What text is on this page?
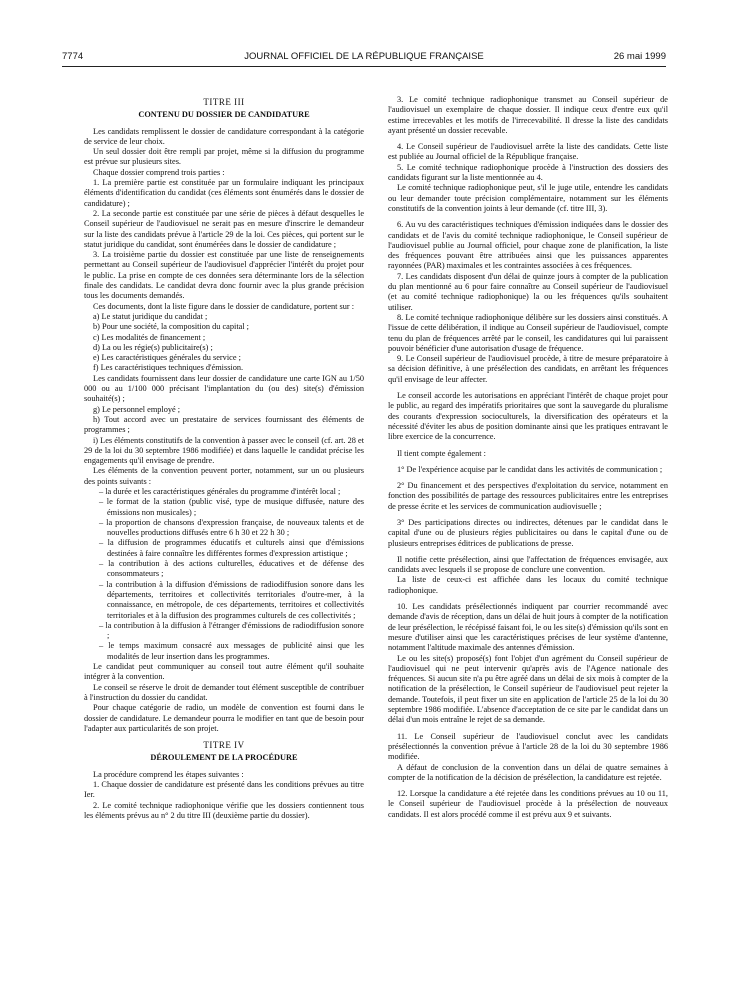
7774	JOURNAL OFFICIEL DE LA RÉPUBLIQUE FRANÇAISE	26 mai 1999

TITRE III

CONTENU DU DOSSIER DE CANDIDATURE

Les candidats remplissent le dossier de candidature correspondant à la catégorie de service de leur choix.

Un seul dossier doit être rempli par projet, même si la diffusion du programme est prévue sur plusieurs sites.

Chaque dossier comprend trois parties :

1. La première partie est constituée par un formulaire indiquant les principaux éléments d'identification du candidat (ces éléments sont énumérés dans le dossier de candidature) ;

2. La seconde partie est constituée par une série de pièces à défaut desquelles le Conseil supérieur de l'audiovisuel ne serait pas en mesure d'inscrire le demandeur sur la liste des candidats prévue à l'article 29 de la loi. Ces pièces, qui portent sur le statut juridique du candidat, sont énumérées dans le dossier de candidature ;

3. La troisième partie du dossier est constituée par une liste de renseignements permettant au Conseil supérieur de l'audiovisuel d'apprécier l'intérêt du projet pour le public. La prise en compte de ces données sera déterminante lors de la sélection finale des candidats. Le candidat devra donc fournir avec la plus grande précision tous les documents demandés.

Ces documents, dont la liste figure dans le dossier de candidature, portent sur :

a) Le statut juridique du candidat ;

b) Pour une société, la composition du capital ;

c) Les modalités de financement ;

d) La ou les régie(s) publicitaire(s) ;

e) Les caractéristiques générales du service ;

f) Les caractéristiques techniques d'émission.

Les candidats fournissent dans leur dossier de candidature une carte IGN au 1/50 000 ou au 1/100 000 précisant l'implantation du (ou des) site(s) d'émission souhaité(s) ;

g) Le personnel employé ;

h) Tout accord avec un prestataire de services fournissant des éléments de programmes ;

i) Les éléments constitutifs de la convention à passer avec le conseil (cf. art. 28 et 29 de la loi du 30 septembre 1986 modifiée) et dans laquelle le candidat précise les engagements qu'il envisage de prendre.

Les éléments de la convention peuvent porter, notamment, sur un ou plusieurs des points suivants :

– la durée et les caractéristiques générales du programme d'intérêt local ;
– le format de la station (public visé, type de musique diffusée, nature des émissions non musicales) ;
– la proportion de chansons d'expression française, de nouveaux talents et de nouvelles productions diffusés entre 6 h 30 et 22 h 30 ;
– la diffusion de programmes éducatifs et culturels ainsi que d'émissions destinées à faire connaître les différentes formes d'expression artistique ;
– la contribution à des actions culturelles, éducatives et de défense des consommateurs ;
– la contribution à la diffusion d'émissions de radiodiffusion sonore dans les départements, territoires et collectivités territoriales d'outre-mer, à la connaissance, en métropole, de ces départements, territoires et collectivités territoriales et à la diffusion des programmes culturels de ces collectivités ;
– la contribution à la diffusion à l'étranger d'émissions de radiodiffusion sonore ;
– le temps maximum consacré aux messages de publicité ainsi que les modalités de leur insertion dans les programmes.

Le candidat peut communiquer au conseil tout autre élément qu'il souhaite intégrer à la convention.

Le conseil se réserve le droit de demander tout élément susceptible de contribuer à l'instruction du dossier du candidat.

Pour chaque catégorie de radio, un modèle de convention est fourni dans le dossier de candidature. Le demandeur pourra le modifier en tant que de besoin pour l'adapter aux particularités de son projet.

TITRE IV

DÉROULEMENT DE LA PROCÉDURE

La procédure comprend les étapes suivantes :

1. Chaque dossier de candidature est présenté dans les conditions prévues au titre Ier.

2. Le comité technique radiophonique vérifie que les dossiers contiennent tous les éléments prévus au n° 2 du titre III (deuxième partie du dossier).

3. Le comité technique radiophonique transmet au Conseil supérieur de l'audiovisuel un exemplaire de chaque dossier. Il indique ceux d'entre eux qu'il estime irrecevables et les motifs de l'irrecevabilité. Il dresse la liste des candidats ayant présenté un dossier recevable.

4. Le Conseil supérieur de l'audiovisuel arrête la liste des candidats. Cette liste est publiée au Journal officiel de la République française.

5. Le comité technique radiophonique procède à l'instruction des dossiers des candidats figurant sur la liste mentionnée au 4.

Le comité technique radiophonique peut, s'il le juge utile, entendre les candidats ou leur demander toute précision complémentaire, notamment sur les éléments constitutifs de la convention joints à leur demande (cf. titre III, 3).

6. Au vu des caractéristiques techniques d'émission indiquées dans le dossier des candidats et de l'avis du comité technique radiophonique, le Conseil supérieur de l'audiovisuel publie au Journal officiel, pour chaque zone de planification, la liste des fréquences pouvant être attribuées ainsi que les puissances apparentes rayonnées (PAR) maximales et les contraintes associées à ces fréquences.

7. Les candidats disposent d'un délai de quinze jours à compter de la publication du plan mentionné au 6 pour faire connaître au Conseil supérieur de l'audiovisuel (et au comité technique radiophonique) la ou les fréquences qu'ils souhaitent utiliser.

8. Le comité technique radiophonique délibère sur les dossiers ainsi constitués. A l'issue de cette délibération, il indique au Conseil supérieur de l'audiovisuel, compte tenu du plan de fréquences arrêté par le conseil, les candidatures qui lui paraissent pouvoir bénéficier d'une autorisation d'usage de fréquence.

9. Le Conseil supérieur de l'audiovisuel procède, à titre de mesure préparatoire à sa décision définitive, à une présélection des candidats, en arrêtant les fréquences qu'il envisage de leur affecter.

Le conseil accorde les autorisations en appréciant l'intérêt de chaque projet pour le public, au regard des impératifs prioritaires que sont la sauvegarde du pluralisme des courants d'expression socioculturels, la diversification des opérateurs et la nécessité d'éviter les abus de position dominante ainsi que les pratiques entravant le libre exercice de la concurrence.

Il tient compte également :

1° De l'expérience acquise par le candidat dans les activités de communication ;

2° Du financement et des perspectives d'exploitation du service, notamment en fonction des possibilités de partage des ressources publicitaires entre les entreprises de presse écrite et les services de communication audiovisuelle ;

3° Des participations directes ou indirectes, détenues par le candidat dans le capital d'une ou de plusieurs régies publicitaires ou dans le capital d'une ou de plusieurs entreprises éditrices de publications de presse.

Il notifie cette présélection, ainsi que l'affectation de fréquences envisagée, aux candidats avec lesquels il se propose de conclure une convention.

La liste de ceux-ci est affichée dans les locaux du comité technique radiophonique.

10. Les candidats présélectionnés indiquent par courrier recommandé avec demande d'avis de réception, dans un délai de huit jours à compter de la notification de leur présélection, le récépissé faisant foi, le ou les site(s) d'émission qu'ils sont en mesure d'utiliser ainsi que les caractéristiques précises de leur système d'antenne, notamment l'altitude maximale des antennes d'émission.

Le ou les site(s) proposé(s) font l'objet d'un agrément du Conseil supérieur de l'audiovisuel qui ne peut intervenir qu'après avis de l'Agence nationale des fréquences. Si aucun site n'a pu être agréé dans un délai de six mois à compter de la notification de la présélection, le Conseil supérieur de l'audiovisuel peut rejeter la demande. Toutefois, il peut fixer un site en application de l'article 25 de la loi du 30 septembre 1986 modifiée. L'absence d'acceptation de ce site par le candidat dans un délai d'un mois entraîne le rejet de sa demande.

11. Le Conseil supérieur de l'audiovisuel conclut avec les candidats présélectionnés la convention prévue à l'article 28 de la loi du 30 septembre 1986 modifiée.

A défaut de conclusion de la convention dans un délai de quatre semaines à compter de la notification de la décision de présélection, la candidature est rejetée.

12. Lorsque la candidature a été rejetée dans les conditions prévues au 10 ou 11, le Conseil supérieur de l'audiovisuel procède à la présélection de nouveaux candidats. Il est alors procédé comme il est prévu aux 9 et suivants.
